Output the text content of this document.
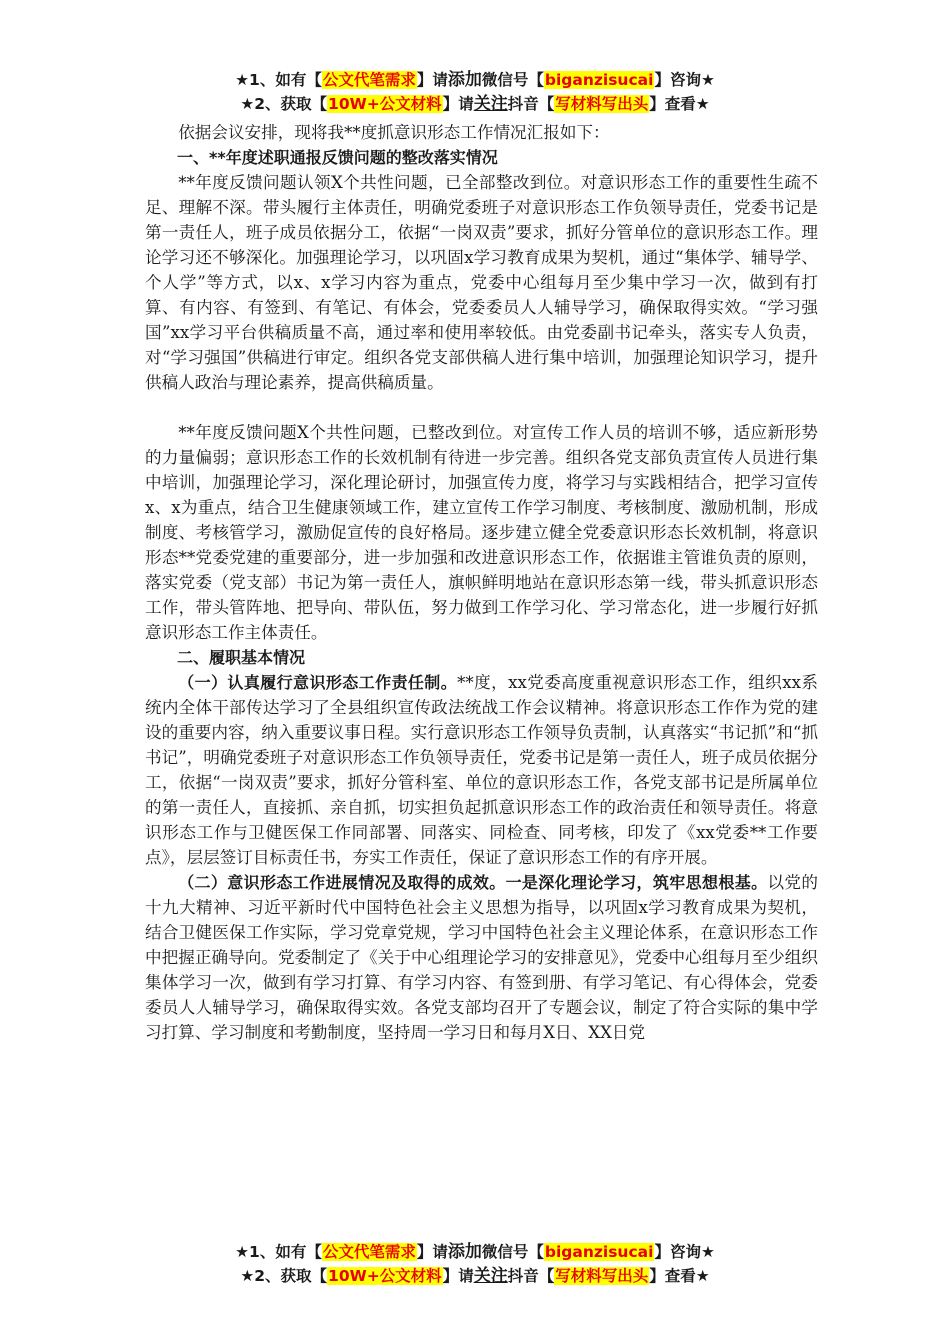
★1、如有【公文代笔需求】请添加微信号【biganzisucai】咨询★
★2、获取【10W+公文材料】请关注抖音【写材料写出头】查看★

依据会议安排，现将我**度抓意识形态工作情况汇报如下：

一、**年度述职通报反馈问题的整改落实情况

**年度反馈问题认领X个共性问题，已全部整改到位。对意识形态工作的重要性生疏不足、理解不深。带头履行主体责任，明确党委班子对意识形态工作负领导责任，党委书记是第一责任人，班子成员依据分工，依据“一岗双责”要求，抓好分管单位的意识形态工作。理论学习还不够深化。加强理论学习，以巩固x学习教育成果为契机，通过“集体学、辅导学、个人学”等方式，以x、x学习内容为重点，党委中心组每月至少集中学习一次，做到有打算、有内容、有签到、有笔记、有体会，党委委员人人辅导学习，确保取得实效。“学习强国”xx学习平台供稿质量不高，通过率和使用率较低。由党委副书记牵头，落实专人负责，对“学习强国”供稿进行审定。组织各党支部供稿人进行集中培训，加强理论知识学习，提升供稿人政治与理论素养，提高供稿质量。

**年度反馈问题X个共性问题，已整改到位。对宣传工作人员的培训不够，适应新形势的力量偏弱；意识形态工作的长效机制有待进一步完善。组织各党支部负责宣传人员进行集中培训，加强理论学习，深化理论研讨，加强宣传力度，将学习与实践相结合，把学习宣传x、x为重点，结合卫生健康领域工作，建立宣传工作学习制度、考核制度、激励机制，形成制度、考核管学习，激励促宣传的良好格局。逐步建立健全党委意识形态长效机制，将意识形态**党委党建的重要部分，进一步加强和改进意识形态工作，依据谁主管谁负责的原则，落实党委（党支部）书记为第一责任人，旗帜鲜明地站在意识形态第一线，带头抓意识形态工作，带头管阵地、把导向、带队伍，努力做到工作学习化、学习常态化，进一步履行好抓意识形态工作主体责任。

二、履职基本情况

（一）认真履行意识形态工作责任制。**度，xx党委高度重视意识形态工作，组织xx系统内全体干部传达学习了全县组织宣传政法统战工作会议精神。将意识形态工作作为党的建设的重要内容，纳入重要议事日程。实行意识形态工作领导负责制，认真落实“书记抓”和“抓书记”，明确党委班子对意识形态工作负领导责任，党委书记是第一责任人，班子成员依据分工，依据“一岗双责”要求，抓好分管科室、单位的意识形态工作，各党支部书记是所属单位的第一责任人，直接抓、亲自抓，切实担负起抓意识形态工作的政治责任和领导责任。将意识形态工作与卫健医保工作同部署、同落实、同检查、同考核，印发了《xx党委**工作要点》，层层签订目标责任书，夯实工作责任，保证了意识形态工作的有序开展。

（二）意识形态工作进展情况及取得的成效。一是深化理论学习，筑牢思想根基。以党的十九大精神、习近平新时代中国特色社会主义思想为指导，以巩固x学习教育成果为契机，结合卫健医保工作实际，学习党章党规，学习中国特色社会主义理论体系，在意识形态工作中把握正确导向。党委制定了《关于中心组理论学习的安排意见》，党委中心组每月至少组织集体学习一次，做到有学习打算、有学习内容、有签到册、有学习笔记、有心得体会，党委委员人人辅导学习，确保取得实效。各党支部均召开了专题会议，制定了符合实际的集中学习打算、学习制度和考勤制度，坚持周一学习日和每月X日、XX日党

★1、如有【公文代笔需求】请添加微信号【biganzisucai】咨询★
★2、获取【10W+公文材料】请关注抖音【写材料写出头】查看★
